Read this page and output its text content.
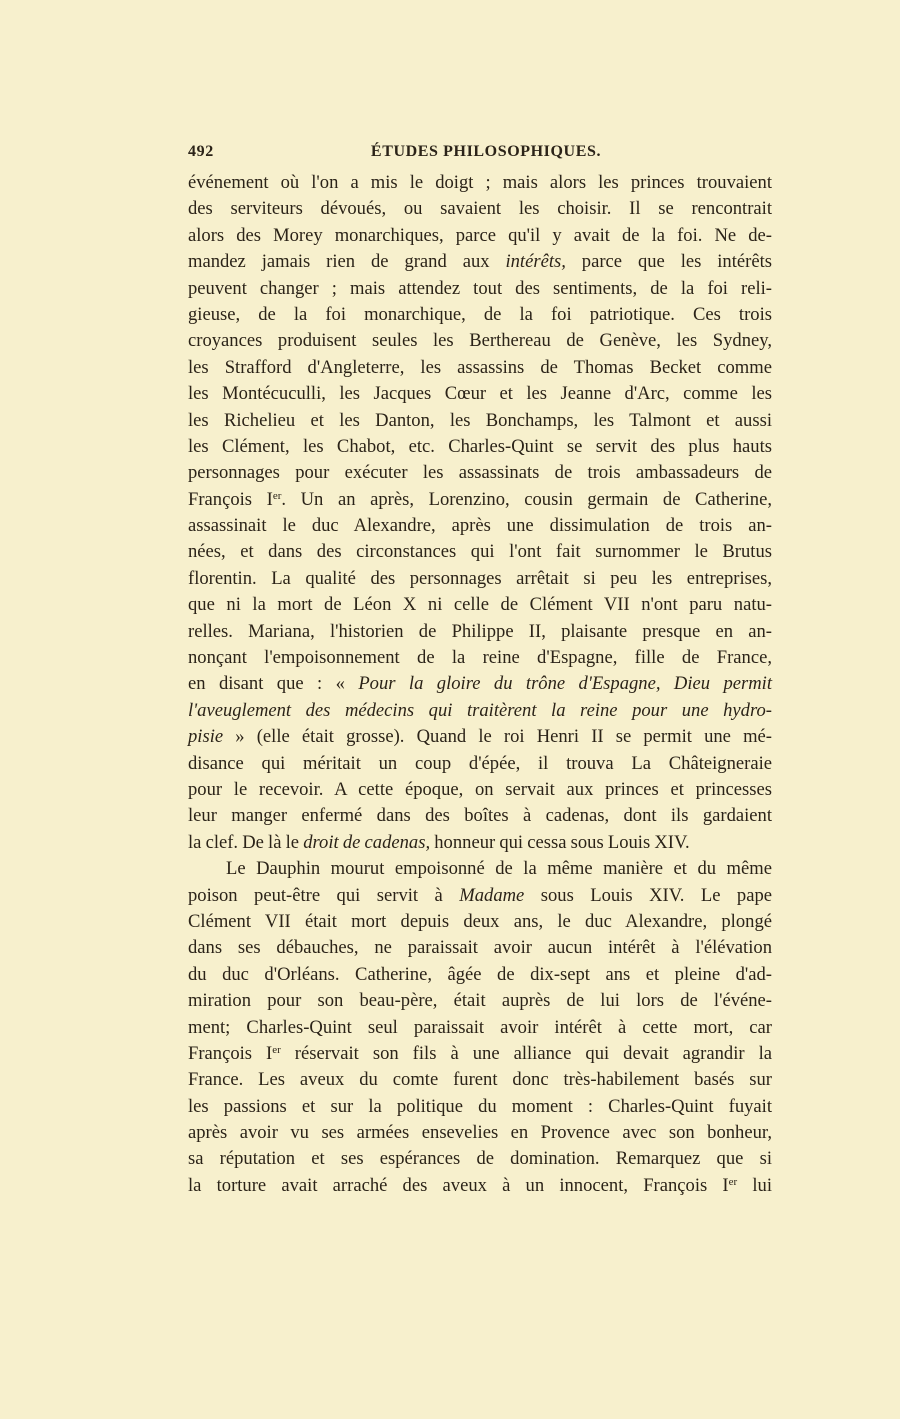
492	ÉTUDES PHILOSOPHIQUES.
événement où l'on a mis le doigt ; mais alors les princes trouvaient
des serviteurs dévoués, ou savaient les choisir. Il se rencontrait
alors des Morey monarchiques, parce qu'il y avait de la foi. Ne de-
mandez jamais rien de grand aux intérêts, parce que les intérêts
peuvent changer ; mais attendez tout des sentiments, de la foi reli-
gieuse, de la foi monarchique, de la foi patriotique. Ces trois
croyances produisent seules les Berthereau de Genève, les Sydney,
les Strafford d'Angleterre, les assassins de Thomas Becket comme
les Montécuculli, les Jacques Cœur et les Jeanne d'Arc, comme les
les Richelieu et les Danton, les Bonchamps, les Talmont et aussi
les Clément, les Chabot, etc. Charles-Quint se servit des plus hauts
personnages pour exécuter les assassinats de trois ambassadeurs de
François Ier. Un an après, Lorenzino, cousin germain de Catherine,
assassinait le duc Alexandre, après une dissimulation de trois an-
nées, et dans des circonstances qui l'ont fait surnommer le Brutus
florentin. La qualité des personnages arrêtait si peu les entreprises,
que ni la mort de Léon X ni celle de Clément VII n'ont paru natu-
relles. Mariana, l'historien de Philippe II, plaisante presque en an-
nonçant l'empoisonnement de la reine d'Espagne, fille de France,
en disant que : « Pour la gloire du trône d'Espagne, Dieu permit
l'aveuglement des médecins qui traitèrent la reine pour une hydro-
pisie » (elle était grosse). Quand le roi Henri II se permit une mé-
disance qui méritait un coup d'épée, il trouva La Châteigneraie
pour le recevoir. A cette époque, on servait aux princes et princesses
leur manger enfermé dans des boîtes à cadenas, dont ils gardaient
la clef. De là le droit de cadenas, honneur qui cessa sous Louis XIV.
Le Dauphin mourut empoisonné de la même manière et du même
poison peut-être qui servit à Madame sous Louis XIV. Le pape
Clément VII était mort depuis deux ans, le duc Alexandre, plongé
dans ses débauches, ne paraissait avoir aucun intérêt à l'élévation
du duc d'Orléans. Catherine, âgée de dix-sept ans et pleine d'ad-
miration pour son beau-père, était auprès de lui lors de l'événe-
ment; Charles-Quint seul paraissait avoir intérêt à cette mort, car
François Ier réservait son fils à une alliance qui devait agrandir la
France. Les aveux du comte furent donc très-habilement basés sur
les passions et sur la politique du moment : Charles-Quint fuyait
après avoir vu ses armées ensevelies en Provence avec son bonheur,
sa réputation et ses espérances de domination. Remarquez que si
la torture avait arraché des aveux à un innocent, François Ier lui
